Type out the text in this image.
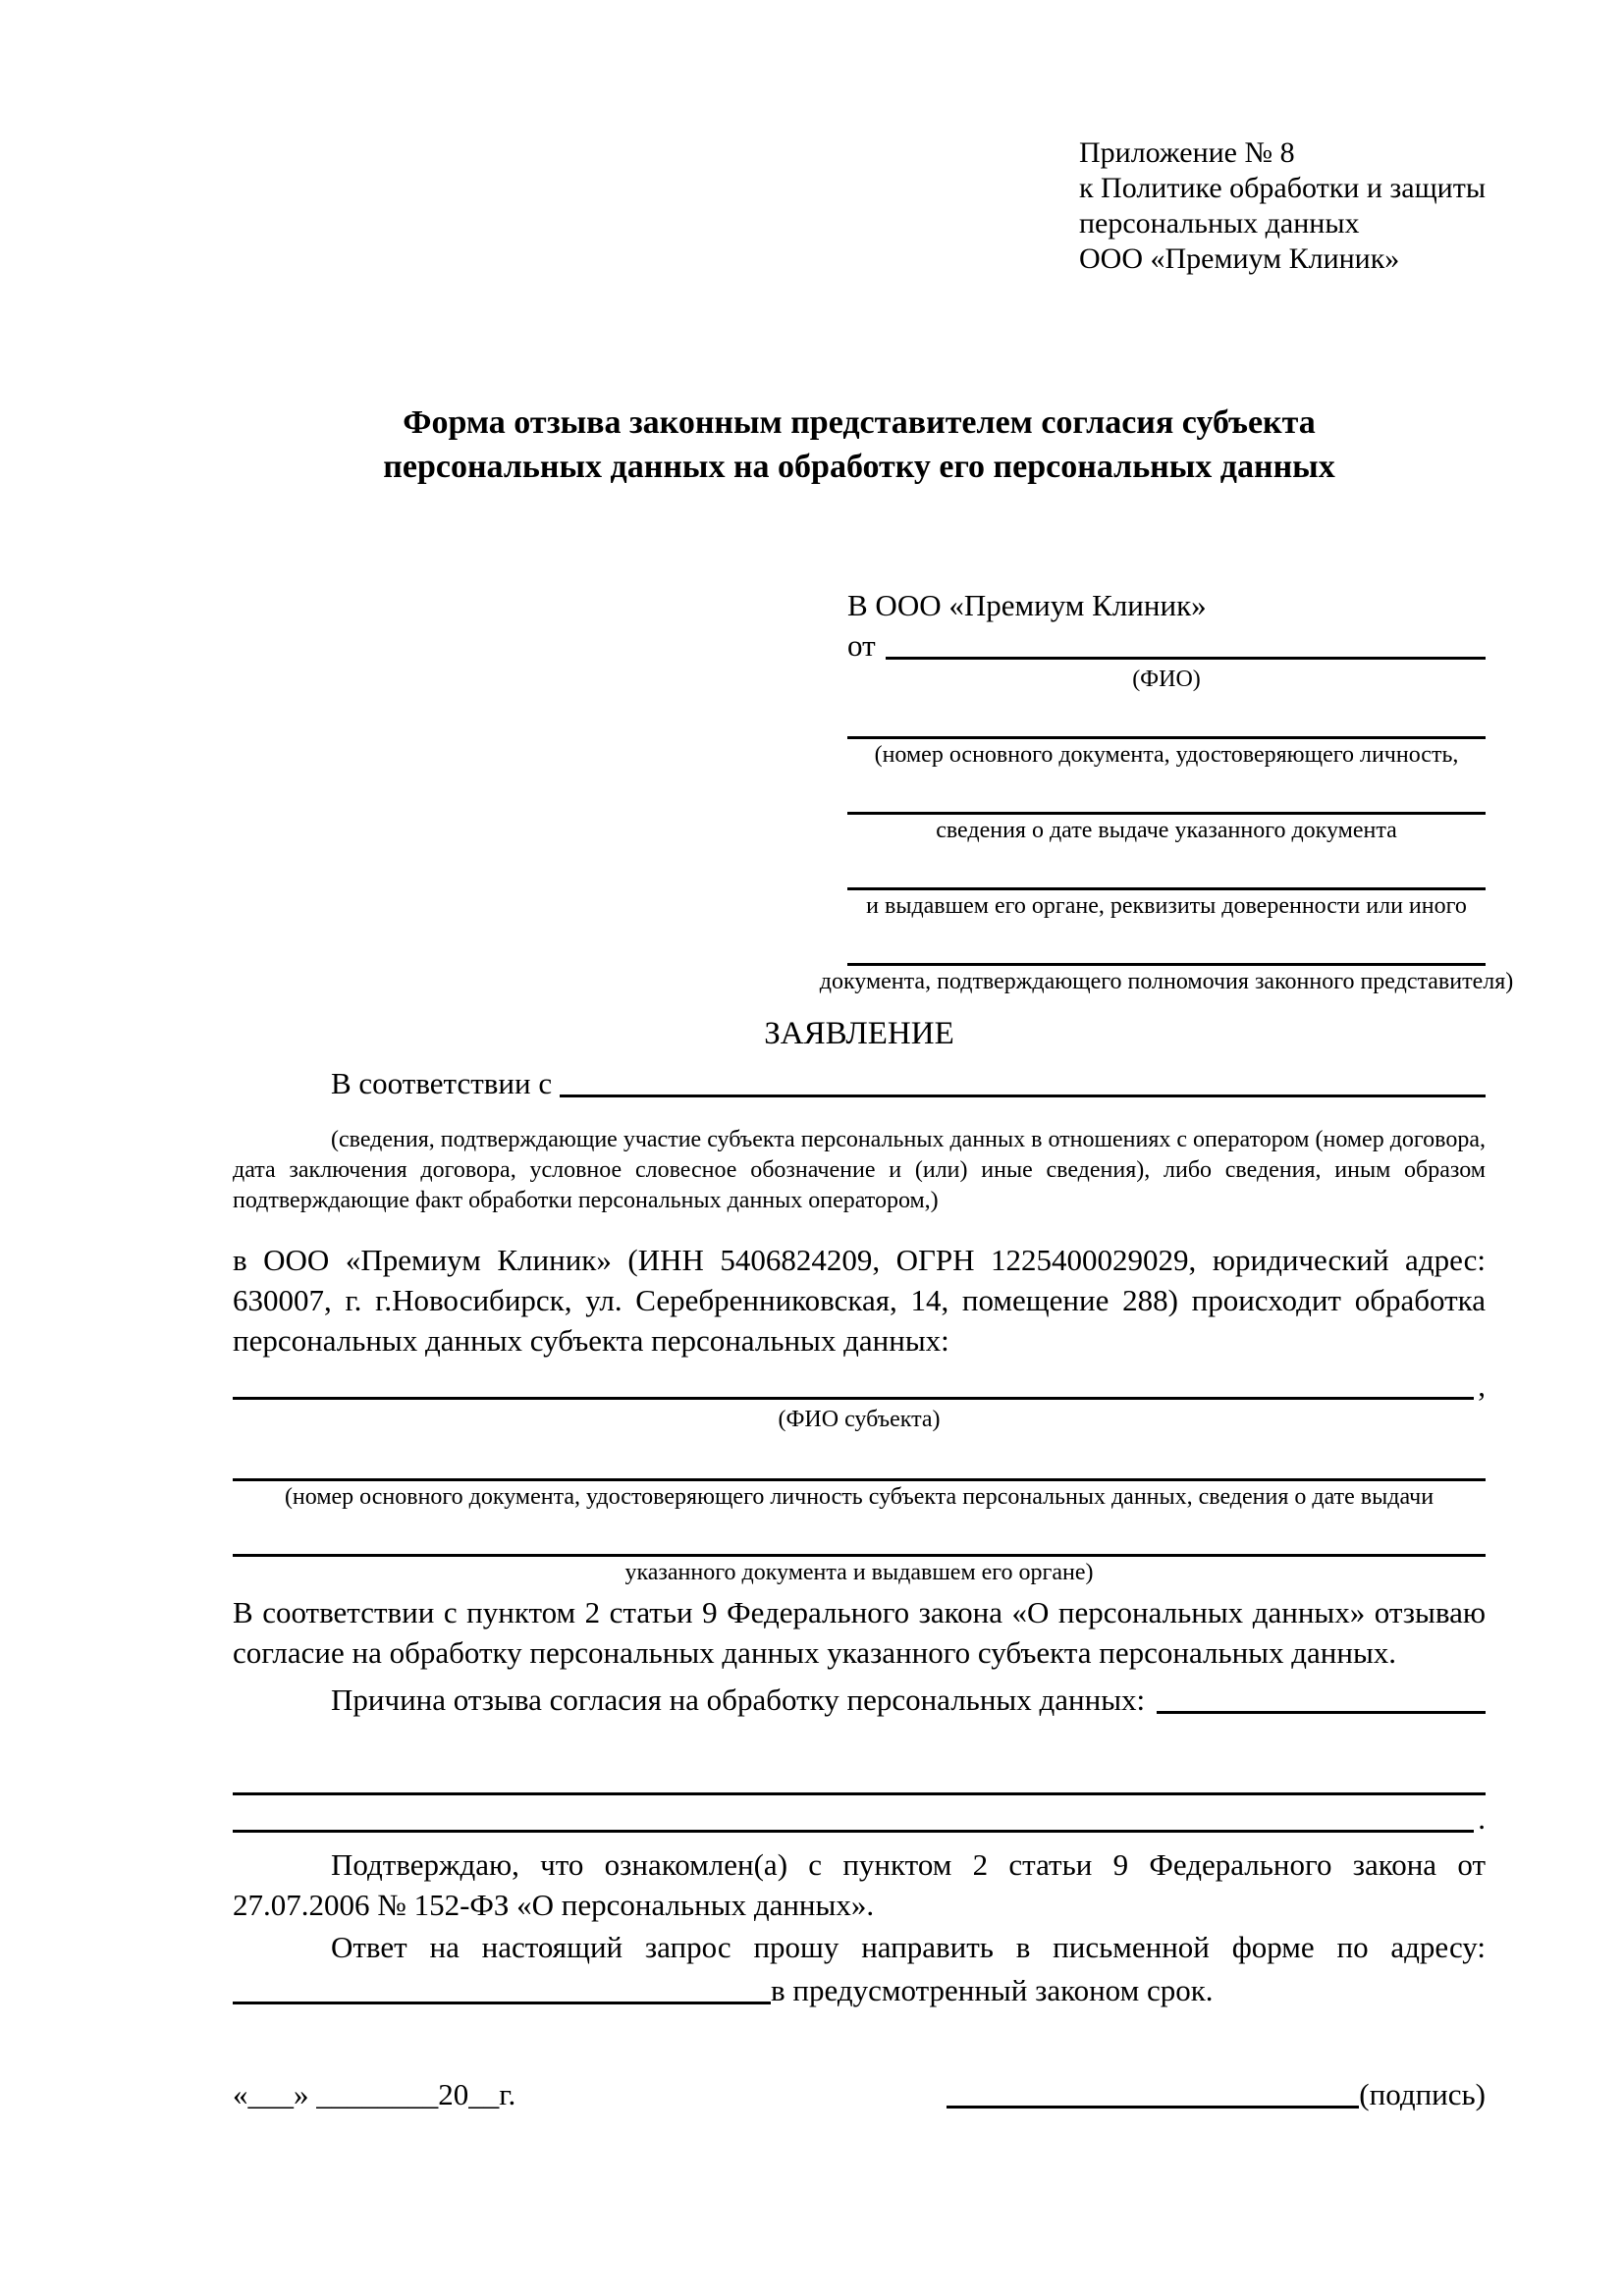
Приложение № 8
к Политике обработки и защиты
персональных данных
ООО «Премиум Клиник»
Форма отзыва законным представителем согласия субъекта
персональных данных на обработку его персональных данных
В ООО «Премиум Клиник»
от
(ФИО)
(номер основного документа, удостоверяющего личность,
сведения о дате выдаче указанного документа
и выдавшем его органе, реквизиты доверенности или иного
документа, подтверждающего полномочия законного представителя)
ЗАЯВЛЕНИЕ
В соответствии с

(сведения, подтверждающие участие субъекта персональных данных в отношениях с оператором (номер договора, дата заключения договора, условное словесное обозначение и (или) иные сведения), либо сведения, иным образом подтверждающие факт обработки персональных данных оператором,)

в ООО «Премиум Клиник» (ИНН 5406824209, ОГРН 1225400029029, юридический адрес: 630007, г. г.Новосибирск, ул. Серебренниковская, 14, помещение 288) происходит обработка персональных данных субъекта персональных данных:

,
(ФИО субъекта)
(номер основного документа, удостоверяющего личность субъекта персональных данных, сведения о дате выдачи
указанного документа и выдавшем его органе)

В соответствии с пунктом 2 статьи 9 Федерального закона «О персональных данных» отзываю согласие на обработку персональных данных указанного субъекта персональных данных.

Причина отзыва согласия на обработку персональных данных:
.

Подтверждаю, что ознакомлен(а) с пунктом 2 статьи 9 Федерального закона от 27.07.2006 № 152-ФЗ «О персональных данных».

Ответ на настоящий запрос прошу направить в письменной форме по адресу:

в предусмотренный законом срок.
«___» ________20__г.	(подпись)
